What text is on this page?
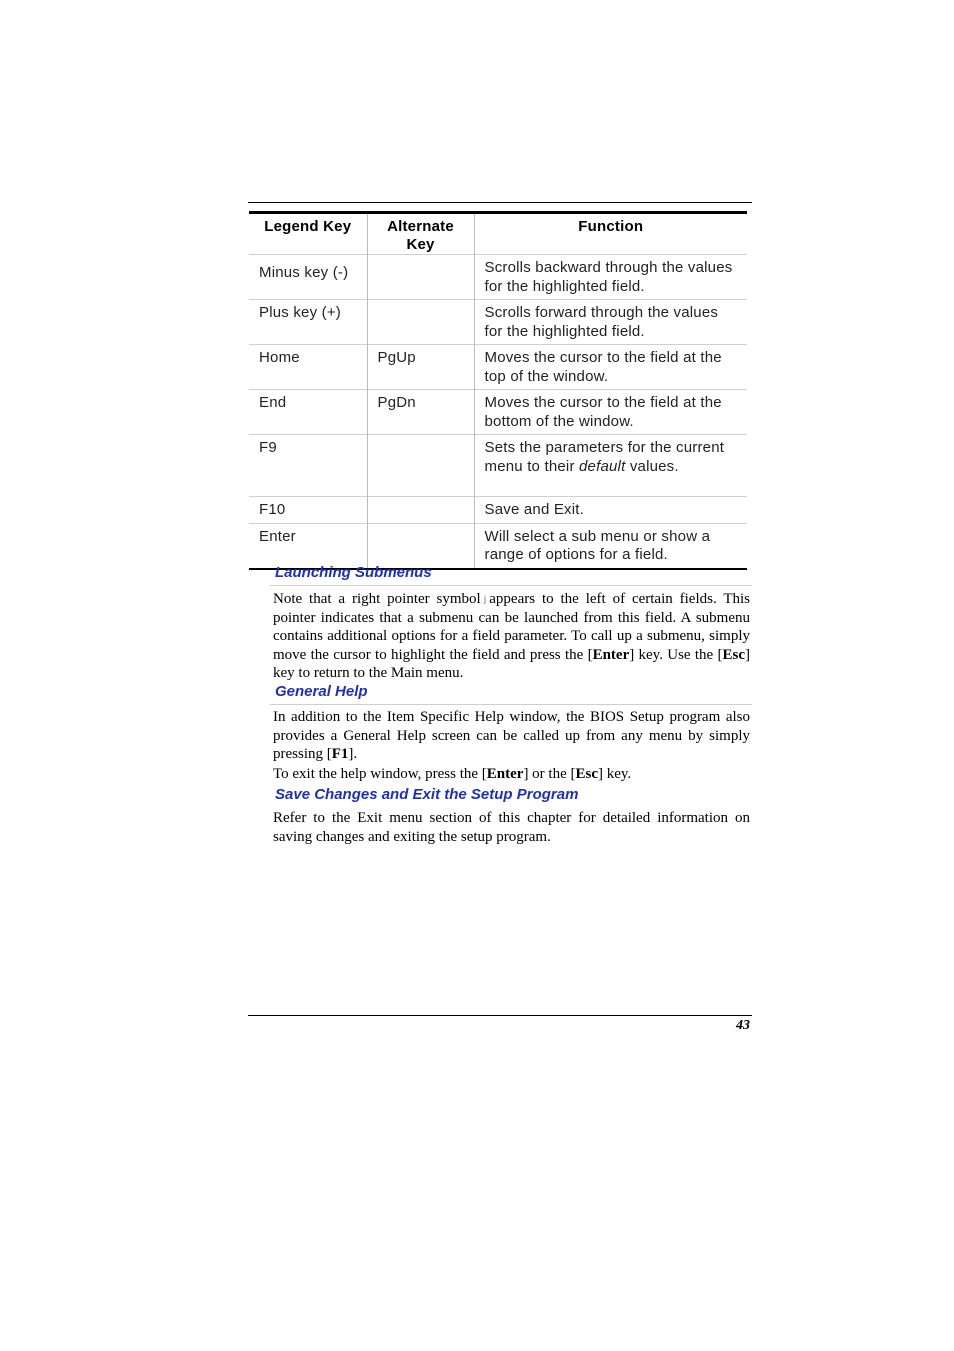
Legend Key	Alternate Key	Function
Minus key (-)		Scrolls backward through the values for the highlighted field.
Plus key (+)		Scrolls forward through the values for the highlighted field.
Home	PgUp	Moves the cursor to the field at the top of the window.
End	PgDn	Moves the cursor to the field at the bottom of the window.
F9		Sets the parameters for the current menu to their default values.
F10		Save and Exit.
Enter		Will select a sub menu or show a range of options for a field.
Launching Submenus

Note that a right pointer symbol j appears to the left of certain fields. This pointer indicates that a submenu can be launched from this field. A submenu contains additional options for a field parameter. To call up a submenu, simply move the cursor to highlight the field and press the [Enter] key. Use the [Esc] key to return to the Main menu.

General Help

In addition to the Item Specific Help window, the BIOS Setup program also provides a General Help screen can be called up from any menu by simply pressing [F1].

To exit the help window, press the [Enter] or the [Esc] key.

Save Changes and Exit the Setup Program

Refer to the Exit menu section of this chapter for detailed information on saving changes and exiting the setup program.

43
